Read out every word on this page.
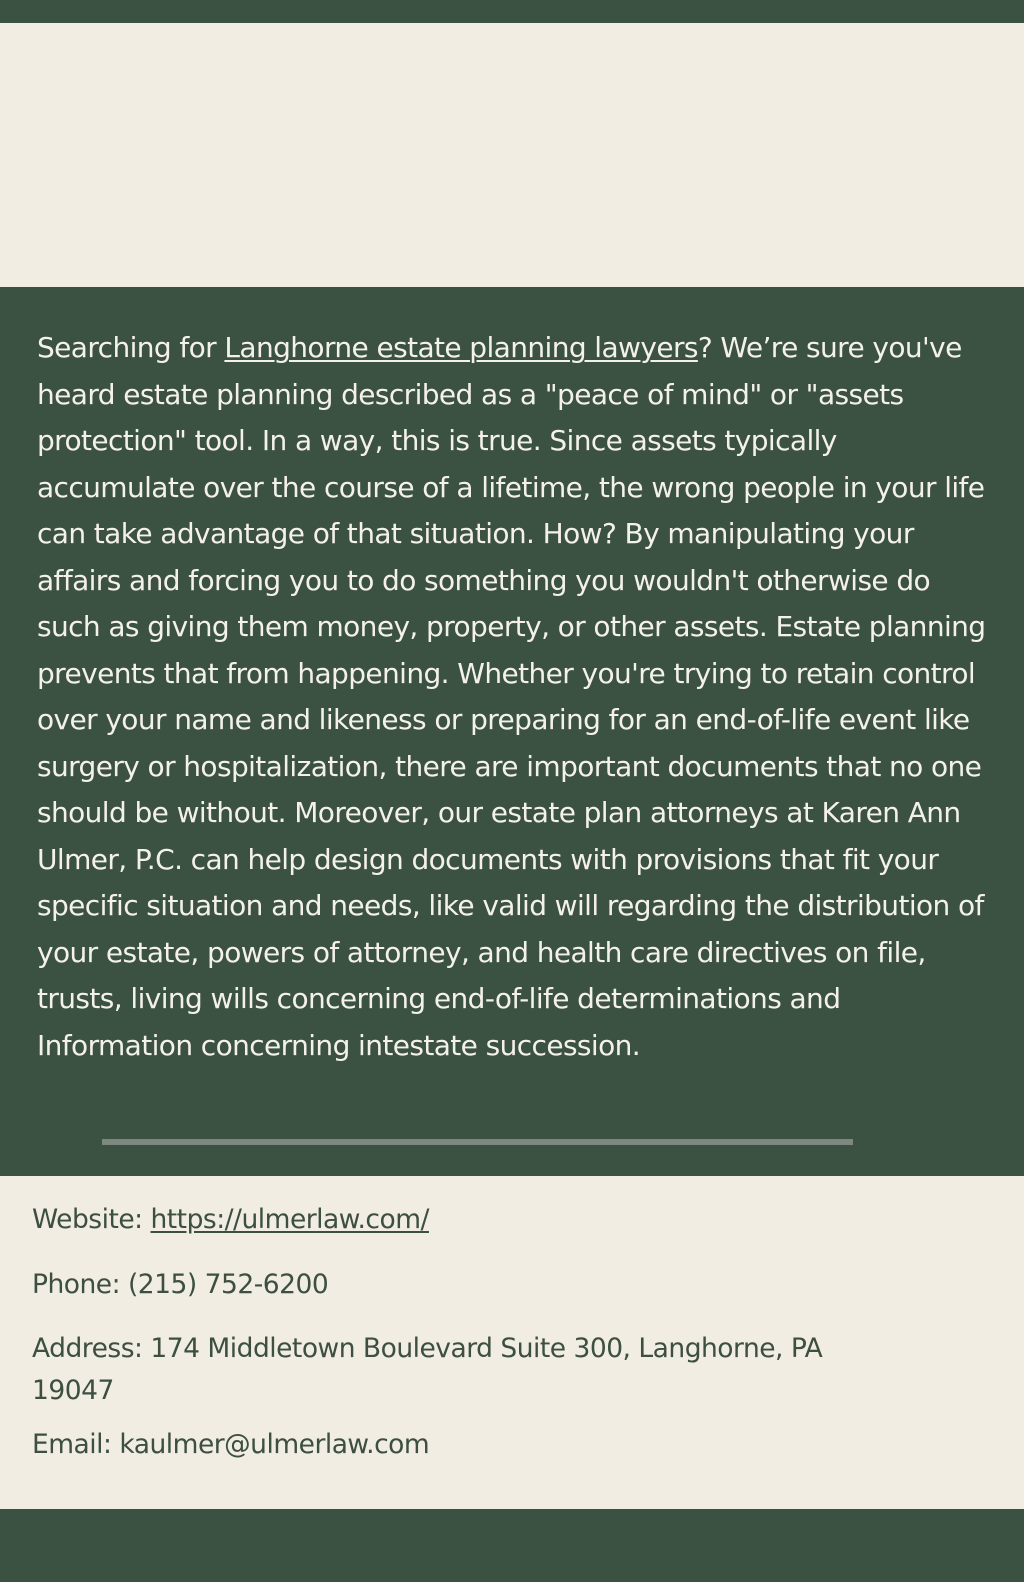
Searching for Langhorne estate planning lawyers? We’re sure you've heard estate planning described as a "peace of mind" or "assets protection" tool. In a way, this is true. Since assets typically accumulate over the course of a lifetime, the wrong people in your life can take advantage of that situation. How? By manipulating your affairs and forcing you to do something you wouldn't otherwise do such as giving them money, property, or other assets. Estate planning prevents that from happening. Whether you're trying to retain control over your name and likeness or preparing for an end-of-life event like surgery or hospitalization, there are important documents that no one should be without. Moreover, our estate plan attorneys at Karen Ann Ulmer, P.C. can help design documents with provisions that fit your specific situation and needs, like valid will regarding the distribution of your estate, powers of attorney, and health care directives on file, trusts, living wills concerning end-of-life determinations and Information concerning intestate succession.

Website: https://ulmerlaw.com/

Phone: (215) 752-6200

Address: 174 Middletown Boulevard Suite 300, Langhorne, PA 19047

Email: kaulmer@ulmerlaw.com
